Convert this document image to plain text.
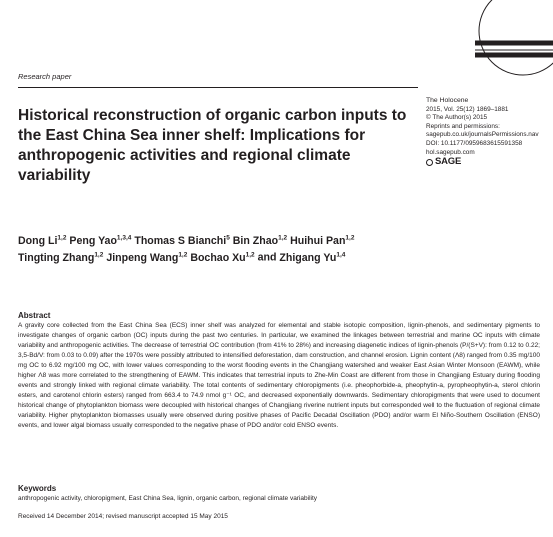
Research paper
Historical reconstruction of organic carbon inputs to the East China Sea inner shelf: Implications for anthropogenic activities and regional climate variability
The Holocene
2015, Vol. 25(12) 1869–1881
© The Author(s) 2015
Reprints and permissions:
sagepub.co.uk/journalsPermissions.nav
DOI: 10.1177/0959683615591358
hol.sagepub.com
SAGE
Dong Li$^{1,2}$ Peng Yao$^{1,3,4}$ Thomas S Bianchi$^5$ Bin Zhao$^{1,2}$ Huihui Pan$^{1,2}$ Tingting Zhang$^{1,2}$ Jinpeng Wang$^{1,2}$ Bochao Xu$^{1,2}$ and Zhigang Yu$^{1,4}$
Abstract
A gravity core collected from the East China Sea (ECS) inner shelf was analyzed for elemental and stable isotopic composition, lignin-phenols, and sedimentary pigments to investigate changes of organic carbon (OC) inputs during the past two centuries. In particular, we examined the linkages between terrestrial and marine OC inputs with climate variability and anthropogenic activities. The decrease of terrestrial OC contribution (from 41% to 28%) and increasing diagenetic indices of lignin-phenols (P/(S+V): from 0.12 to 0.22; 3,5-Bd/V: from 0.03 to 0.09) after the 1970s were possibly attributed to intensified deforestation, dam construction, and channel erosion. Lignin content (Λ8) ranged from 0.35 mg/100 mg OC to 6.92 mg/100 mg OC, with lower values corresponding to the worst flooding events in the Changjiang watershed and weaker East Asian Winter Monsoon (EAWM), while higher Λ8 was more correlated to the strengthening of EAWM. This indicates that terrestrial inputs to Zhe-Min Coast are different from those in Changjiang Estuary during flooding events and strongly linked with regional climate variability. The total contents of sedimentary chloropigments (i.e. pheophorbide-a, pheophytin-a, pyropheophytin-a, sterol chlorin esters, and carotenol chlorin esters) ranged from 663.4 to 74.9 nmol g⁻¹ OC, and decreased exponentially downwards. Sedimentary chloropigments that were used to document historical change of phytoplankton biomass were decoupled with historical changes of Changjiang riverine nutrient inputs but corresponded well to the fluctuation of regional climate variability. Higher phytoplankton biomasses usually were observed during positive phases of Pacific Decadal Oscillation (PDO) and/or warm El Niño-Southern Oscillation (ENSO) events, and lower algal biomass usually corresponded to the negative phase of PDO and/or cold ENSO events.
Keywords
anthropogenic activity, chloropigment, East China Sea, lignin, organic carbon, regional climate variability
Received 14 December 2014; revised manuscript accepted 15 May 2015
